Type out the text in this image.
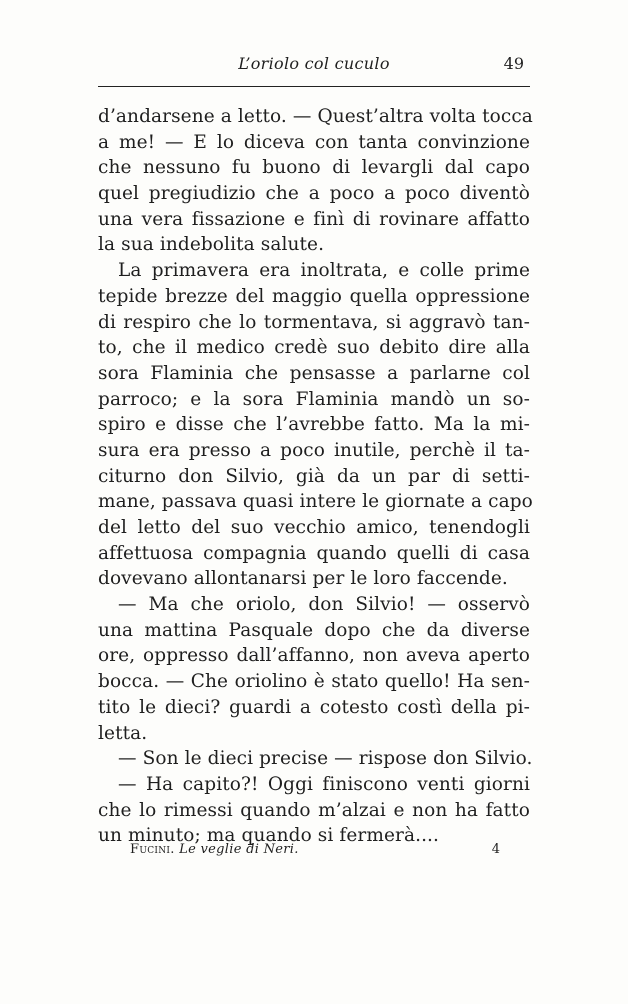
L’oriolo col cuculo	49
d’andarsene a letto. — Quest’altra volta tocca
a me! — E lo diceva con tanta convinzione
che nessuno fu buono di levargli dal capo
quel pregiudizio che a poco a poco diventò
una vera fissazione e finì di rovinare affatto
la sua indebolita salute.
La primavera era inoltrata, e colle prime
tepide brezze del maggio quella oppressione
di respiro che lo tormentava, si aggravò tan-
to, che il medico credè suo debito dire alla
sora Flaminia che pensasse a parlarne col
parroco; e la sora Flaminia mandò un so-
spiro e disse che l’avrebbe fatto. Ma la mi-
sura era presso a poco inutile, perchè il ta-
citurno don Silvio, già da un par di setti-
mane, passava quasi intere le giornate a capo
del letto del suo vecchio amico, tenendogli
affettuosa compagnia quando quelli di casa
dovevano allontanarsi per le loro faccende.
— Ma che oriolo, don Silvio! — osservò
una mattina Pasquale dopo che da diverse
ore, oppresso dall’affanno, non aveva aperto
bocca. — Che oriolino è stato quello! Ha sen-
tito le dieci? guardi a cotesto costì della pi-
letta.
— Son le dieci precise — rispose don Silvio.
— Ha capito?! Oggi finiscono venti giorni
che lo rimessi quando m’alzai e non ha fatto
un minuto; ma quando si fermerà....
Fucini. Le veglie di Neri.	4
